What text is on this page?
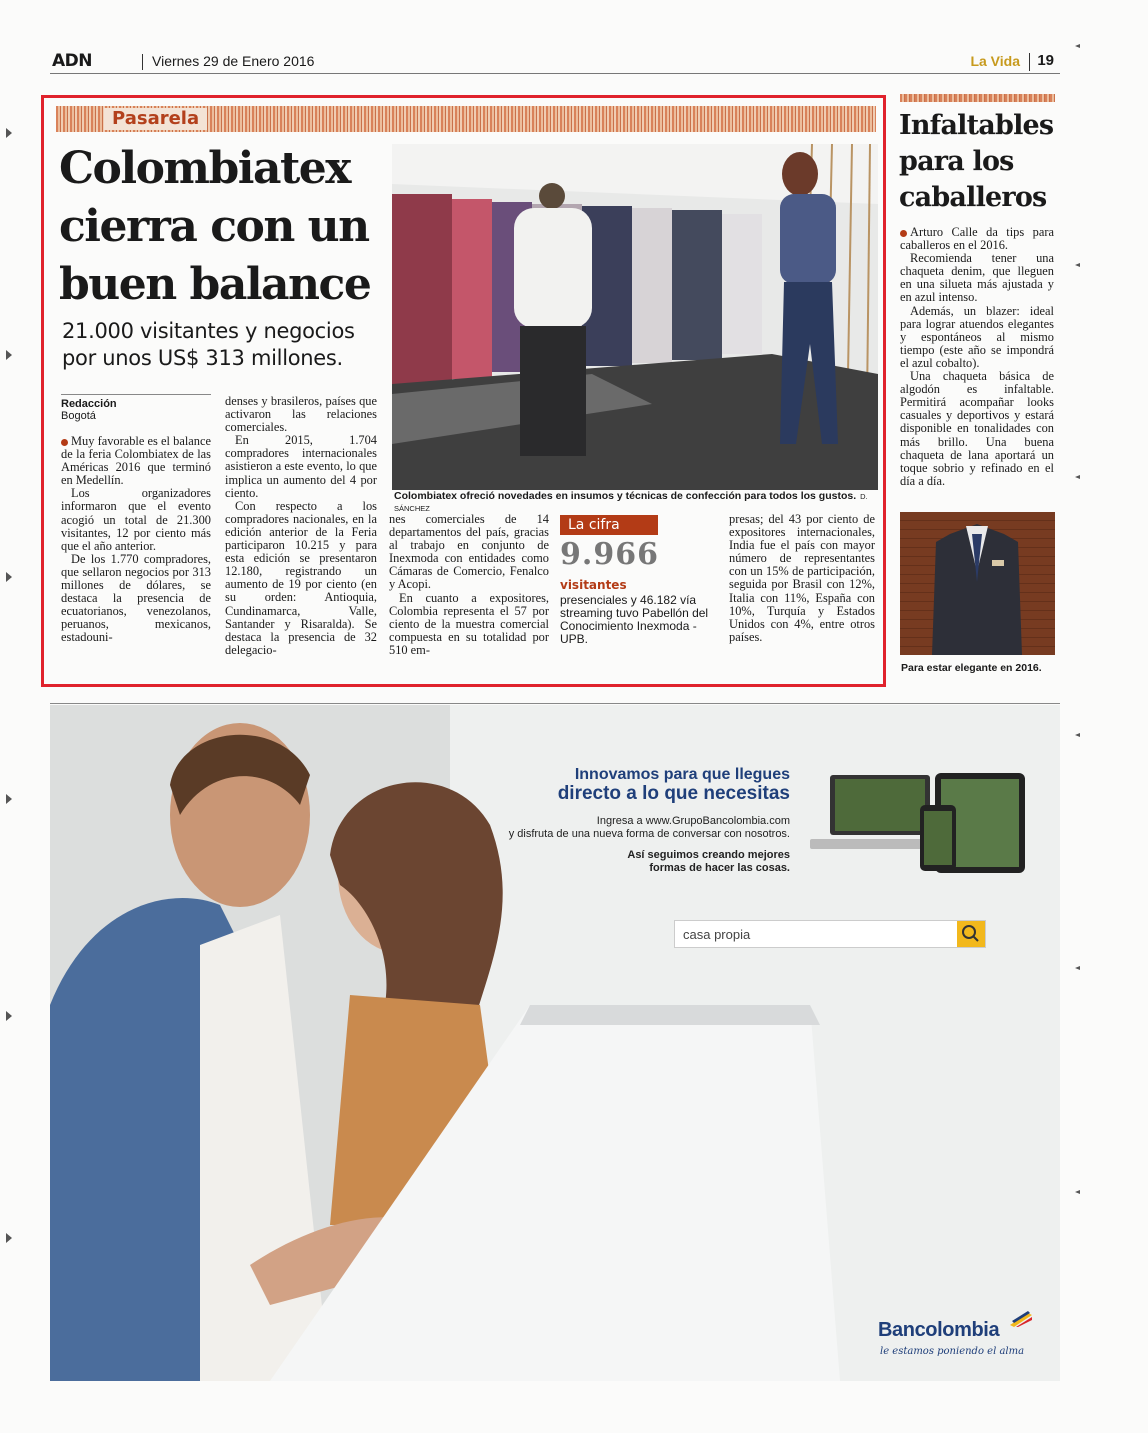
ADN	Viernes 29 de Enero 2016	La Vida 19
Pasarela
Colombiatex cierra con un buen balance
21.000 visitantes y negocios por unos US$ 313 millones.
Colombiatex ofreció novedades en insumos y técnicas de confección para todos los gustos. D. SÁNCHEZ
Redacción
Bogotá

Muy favorable es el balance de la feria Colombiatex de las Américas 2016 que terminó en Medellín.

Los organizadores informaron que el evento acogió un total de 21.300 visitantes, 12 por ciento más que el año anterior.

De los 1.770 compradores, que sellaron negocios por 313 millones de dólares, se destaca la presencia de ecuatorianos, venezolanos, peruanos, mexicanos, estadouni-

denses y brasileros, países que activaron las relaciones comerciales.

En 2015, 1.704 compradores internacionales asistieron a este evento, lo que implica un aumento del 4 por ciento.

Con respecto a los compradores nacionales, en la edición anterior de la Feria participaron 10.215 y para esta edición se presentaron 12.180, registrando un aumento de 19 por ciento (en su orden: Antioquia, Cundinamarca, Valle, Santander y Risaralda). Se destaca la presencia de 32 delegacio-

nes comerciales de 14 departamentos del país, gracias al trabajo en conjunto de Inexmoda con entidades como Cámaras de Comercio, Fenalco y Acopi.

En cuanto a expositores, Colombia representa el 57 por ciento de la muestra comercial compuesta en su totalidad por 510 em-

La cifra
9.966
visitantes
presenciales y 46.182 vía streaming tuvo Pabellón del Conocimiento Inexmoda - UPB.

presas; del 43 por ciento de expositores internacionales, India fue el país con mayor número de representantes con un 15% de participación, seguida por Brasil con 12%, Italia con 11%, España con 10%, Turquía y Estados Unidos con 4%, entre otros países.

Infaltables para los caballeros

Arturo Calle da tips para caballeros en el 2016.

Recomienda tener una chaqueta denim, que lleguen en una silueta más ajustada y en azul intenso.

Además, un blazer: ideal para lograr atuendos elegantes y espontáneos al mismo tiempo (este año se impondrá el azul cobalto).

Una chaqueta básica de algodón es infaltable. Permitirá acompañar looks casuales y deportivos y estará disponible en tonalidades con más brillo. Una buena chaqueta de lana aportará un toque sobrio y refinado en el día a día.

Para estar elegante en 2016.
Innovamos para que llegues
directo a lo que necesitas
Ingresa a www.GrupoBancolombia.com
y disfruta de una nueva forma de conversar con nosotros.
Así seguimos creando mejores
formas de hacer las cosas.
casa propia
Bancolombia
le estamos poniendo el alma
